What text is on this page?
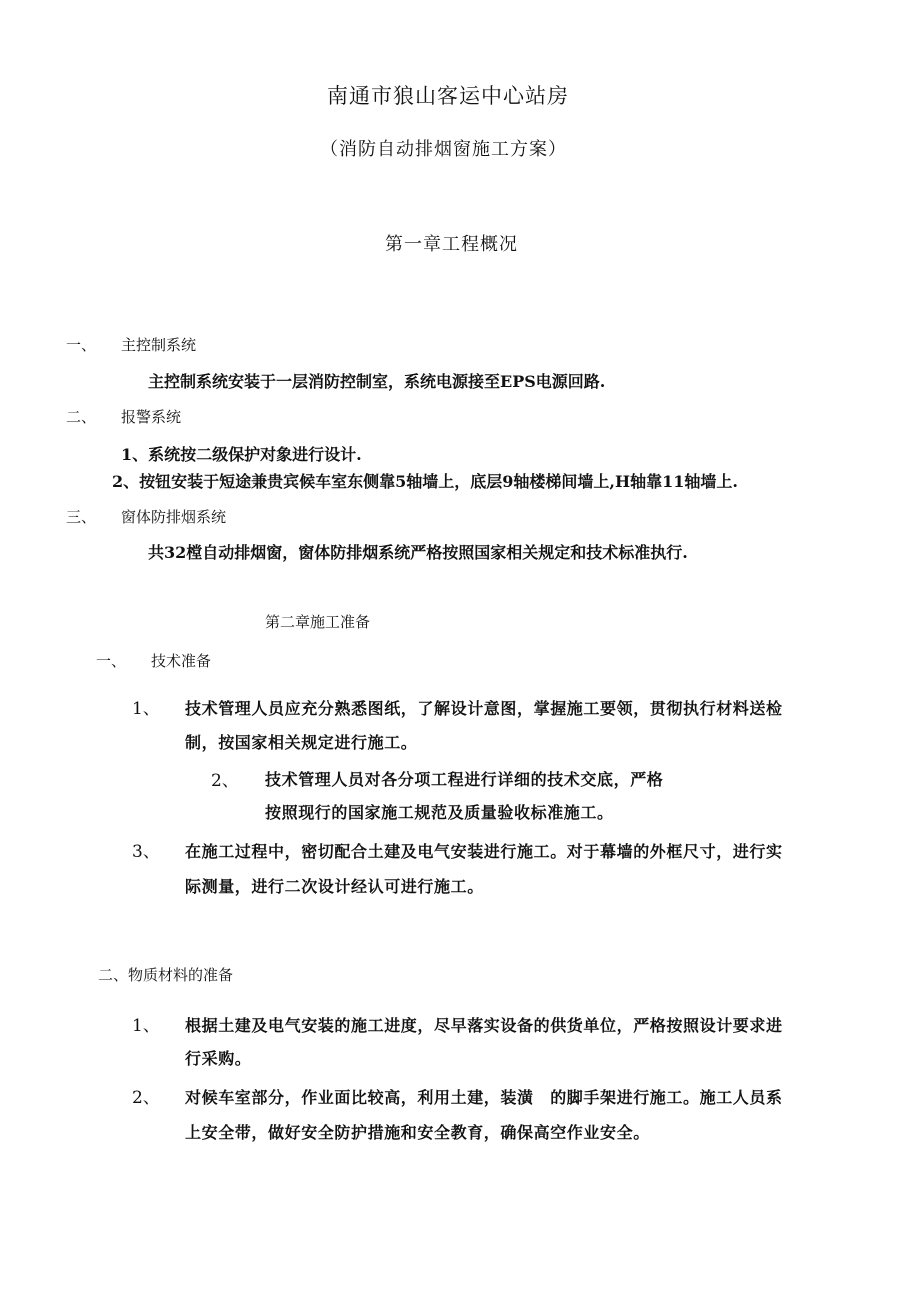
南通市狼山客运中心站房
（消防自动排烟窗施工方案）
第一章工程概况
一、 主控制系统
主控制系统安装于一层消防控制室，系统电源接至EPS电源回路.
二、 报警系统
1、系统按二级保护对象进行设计.
2、按钮安装于短途兼贵宾候车室东侧靠5轴墙上，底层9轴楼梯间墙上,H轴靠11轴墙上.
三、 窗体防排烟系统
共32樘自动排烟窗，窗体防排烟系统严格按照国家相关规定和技术标准执行.
第二章施工准备
一、 技术准备
1、 技术管理人员应充分熟悉图纸，了解设计意图，掌握施工要领，贯彻执行材料送检
制，按国家相关规定进行施工。
2、 技术管理人员对各分项工程进行详细的技术交底，严格
按照现行的国家施工规范及质量验收标准施工。
3、 在施工过程中，密切配合土建及电气安装进行施工。对于幕墙的外框尺寸，进行实
际测量，进行二次设计经认可进行施工。
二、物质材料的准备
1、 根据土建及电气安装的施工进度，尽早落实设备的供货单位，严格按照设计要求进
行采购。
2、 对候车室部分，作业面比较高，利用土建，装潢　的脚手架进行施工。施工人员系
上安全带，做好安全防护措施和安全教育，确保高空作业安全。
